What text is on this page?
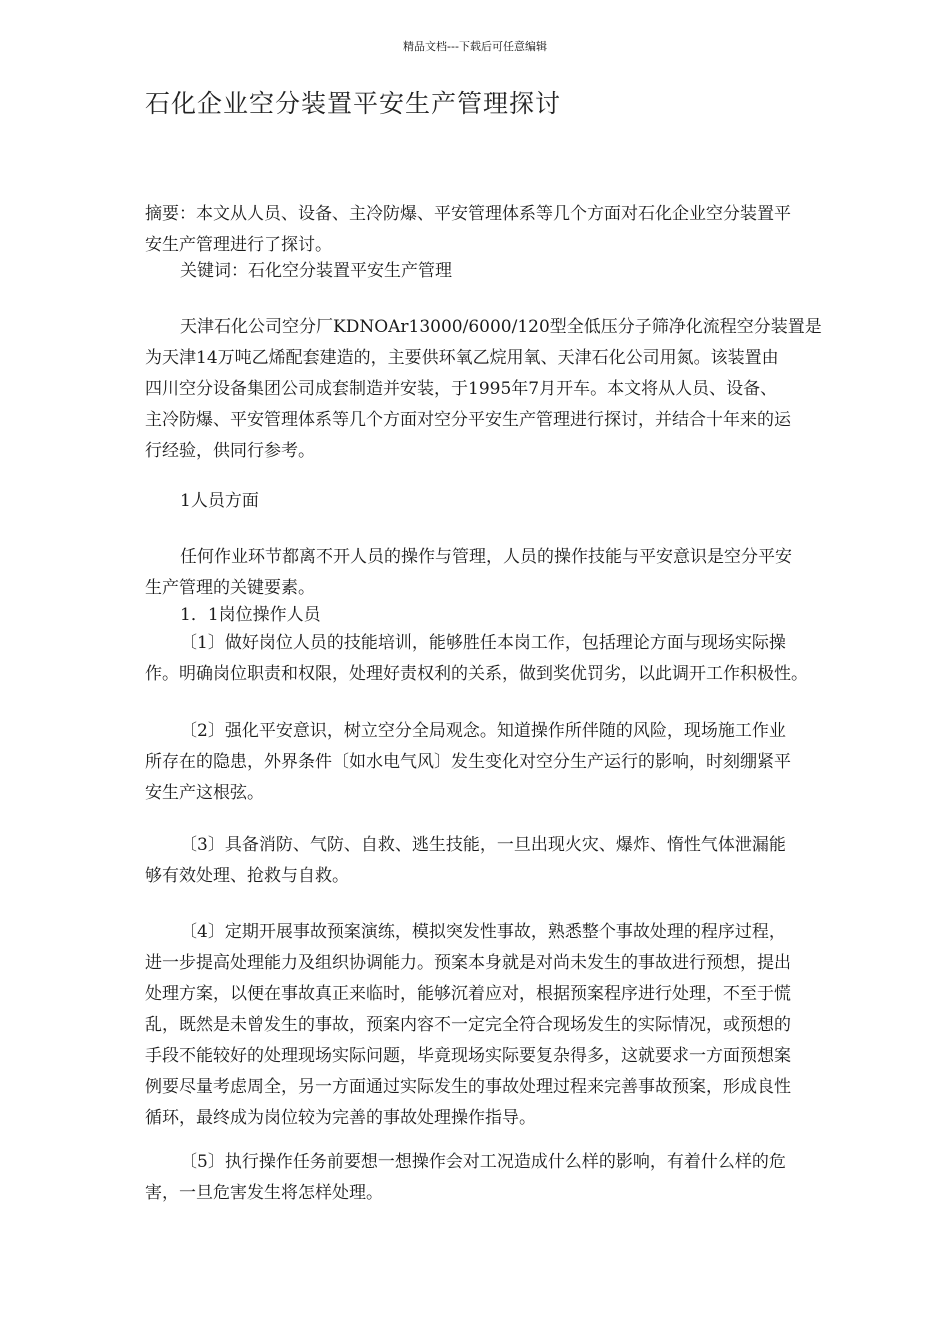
精品文档---下载后可任意编辑
石化企业空分装置平安生产管理探讨
摘要：本文从人员、设备、主冷防爆、平安管理体系等几个方面对石化企业空分装置平
安生产管理进行了探讨。
关键词：石化空分装置平安生产管理
天津石化公司空分厂KDNOAr13000/6000/120型全低压分子筛净化流程空分装置是
为天津14万吨乙烯配套建造的，主要供环氧乙烷用氧、天津石化公司用氮。该装置由
四川空分设备集团公司成套制造并安装，于1995年7月开车。本文将从人员、设备、
主冷防爆、平安管理体系等几个方面对空分平安生产管理进行探讨，并结合十年来的运
行经验，供同行参考。
1人员方面
任何作业环节都离不开人员的操作与管理，人员的操作技能与平安意识是空分平安
生产管理的关键要素。
1．1岗位操作人员
〔1〕做好岗位人员的技能培训，能够胜任本岗工作，包括理论方面与现场实际操
作。明确岗位职责和权限，处理好责权利的关系，做到奖优罚劣，以此调开工作积极性。
〔2〕强化平安意识，树立空分全局观念。知道操作所伴随的风险，现场施工作业
所存在的隐患，外界条件〔如水电气风〕发生变化对空分生产运行的影响，时刻绷紧平
安生产这根弦。
〔3〕具备消防、气防、自救、逃生技能，一旦出现火灾、爆炸、惰性气体泄漏能
够有效处理、抢救与自救。
〔4〕定期开展事故预案演练，模拟突发性事故，熟悉整个事故处理的程序过程，
进一步提高处理能力及组织协调能力。预案本身就是对尚未发生的事故进行预想，提出
处理方案，以便在事故真正来临时，能够沉着应对，根据预案程序进行处理，不至于慌
乱，既然是未曾发生的事故，预案内容不一定完全符合现场发生的实际情况，或预想的
手段不能较好的处理现场实际问题，毕竟现场实际要复杂得多，这就要求一方面预想案
例要尽量考虑周全，另一方面通过实际发生的事故处理过程来完善事故预案，形成良性
循环，最终成为岗位较为完善的事故处理操作指导。
〔5〕执行操作任务前要想一想操作会对工况造成什么样的影响，有着什么样的危
害，一旦危害发生将怎样处理。
